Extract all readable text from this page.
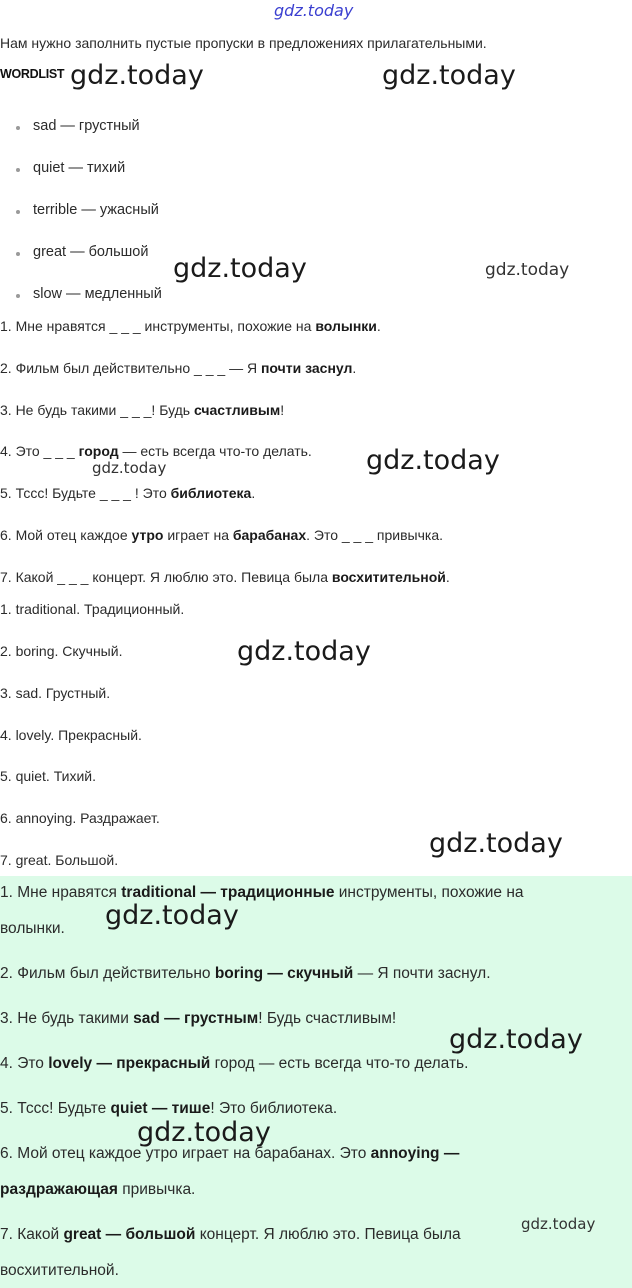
gdz.today
gdz.today	gdz.today
gdz.today	gdz.today
gdz.today
gdz.today
gdz.today
Нам нужно заполнить пустые пропуски в предложениях прилагательными.
WORDLIST
sad — грустный
quiet — тихий
terrible — ужасный
great — большой
slow — медленный
1. Мне нравятся _ _ _ инструменты, похожие на волынки.
2. Фильм был действительно _ _ _ — Я почти заснул.
3. Не будь такими _ _ _! Будь счастливым!
4. Это _ _ _ город — есть всегда что-то делать.
5. Тссс! Будьте _ _ _ ! Это библиотека.
6. Мой отец каждое утро играет на барабанах. Это _ _ _ привычка.
7. Какой _ _ _ концерт. Я люблю это. Певица была восхитительной.
1. traditional. Традиционный.
2. boring. Скучный.
3. sad. Грустный.
4. lovely. Прекрасный.
5. quiet. Тихий.
6. annoying. Раздражает.
7. great. Большой.
gdz.today
1. Мне нравятся traditional — традиционные инструменты, похожие на
волынки.
2. Фильм был действительно boring — скучный — Я почти заснул.
3. Не будь такими sad — грустным! Будь счастливым!
4. Это lovely — прекрасный город — есть всегда что-то делать.
5. Тссс! Будьте quiet — тише! Это библиотека.
6. Мой отец каждое утро играет на барабанах. Это annoying —
раздражающая привычка.
7. Какой great — большой концерт. Я люблю это. Певица была
восхитительной.
gdz.today
gdz.today
gdz.today
gdz.today
